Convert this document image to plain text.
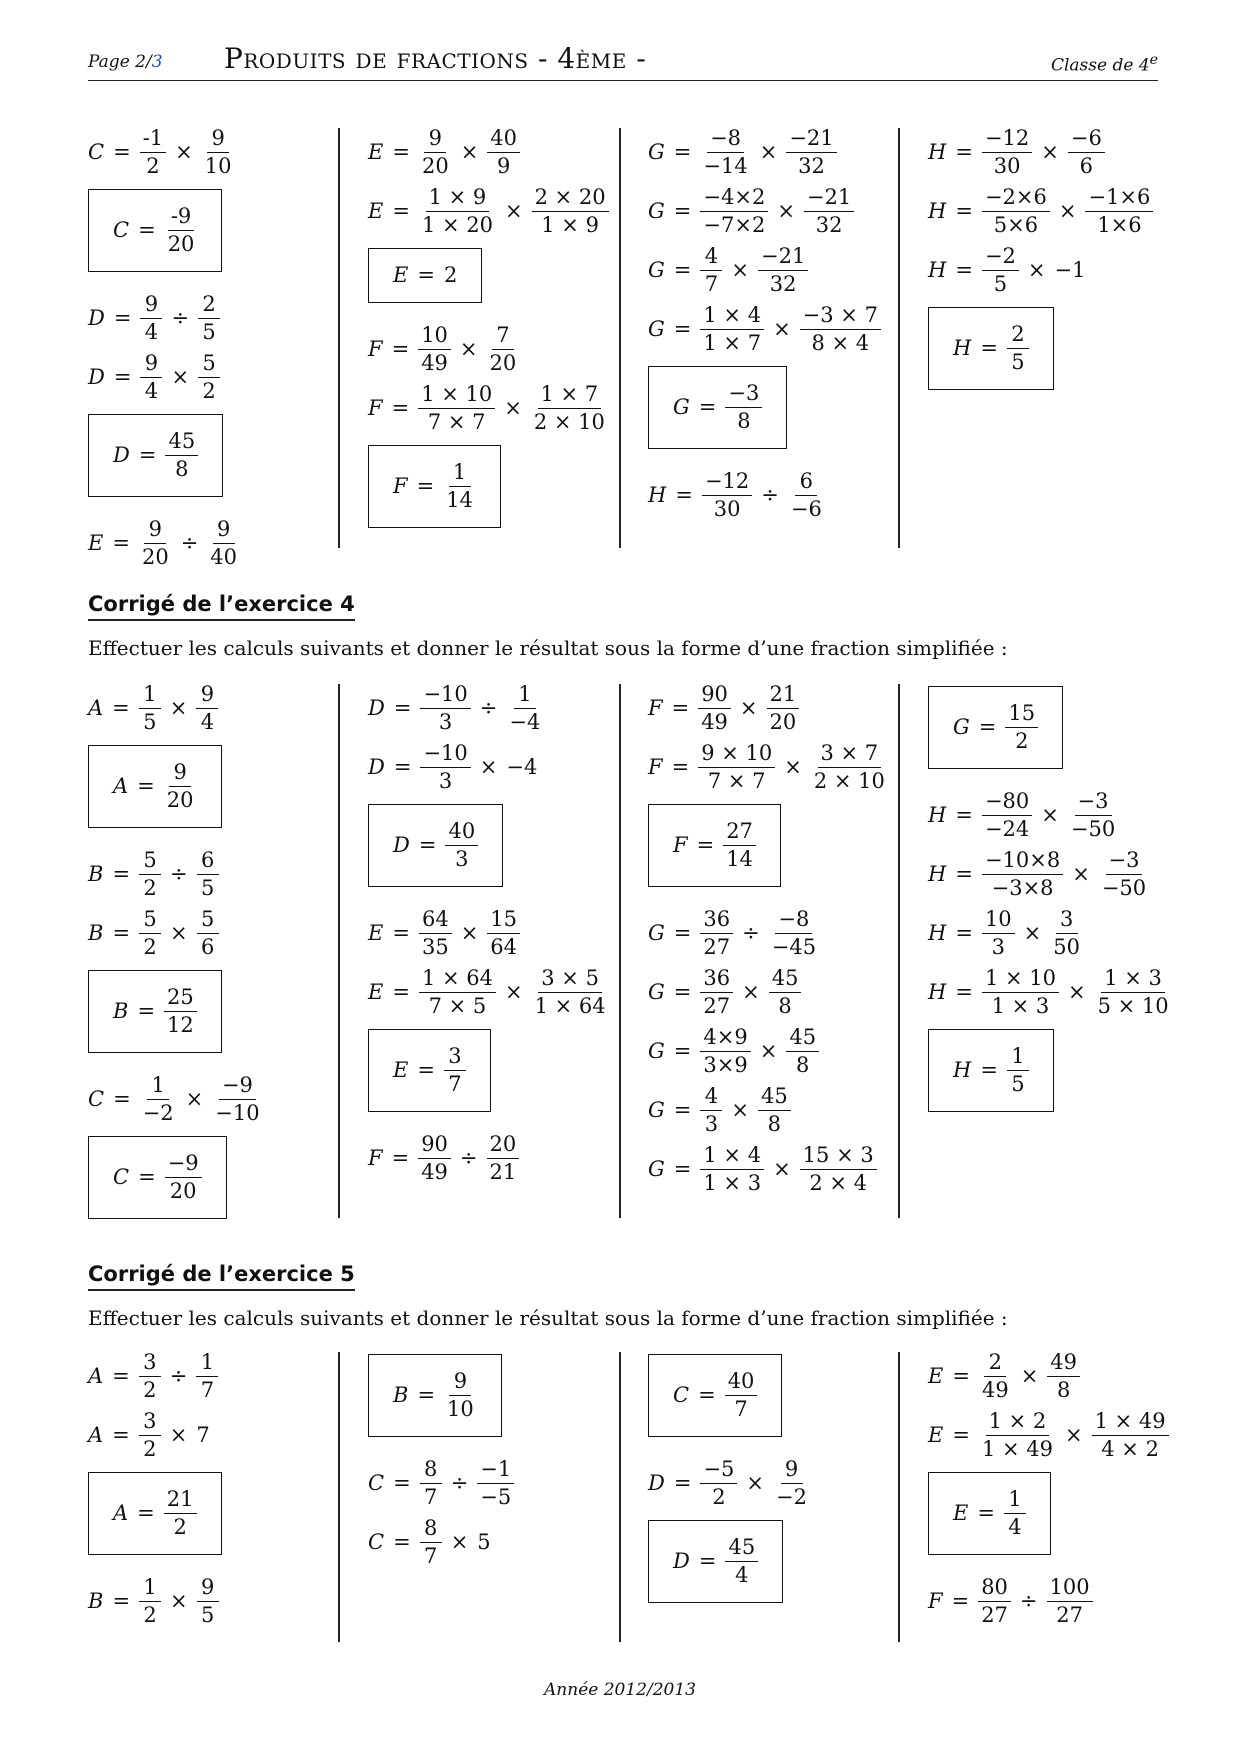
Page 2/3 Produits de fractions - 4ème -	Classe de 4e
$C = \frac{-1}{2} \times \frac{9}{10}$
$C = \frac{-9}{20}$
$D = \frac{9}{4} \div \frac{2}{5}$
$D = \frac{9}{4} \times \frac{5}{2}$
$D = \frac{45}{8}$
$E = \frac{9}{20} \div \frac{9}{40}$
$E = \frac{9}{20} \times \frac{40}{9}$
$E = \frac{1 \times 9}{1 \times 20} \times \frac{2 \times 20}{1 \times 9}$
E = 2
$F = \frac{10}{49} \times \frac{7}{20}$
$F = \frac{1 \times 10}{7 \times 7} \times \frac{1 \times 7}{2 \times 10}$
$F = \frac{1}{14}$
$G = \frac{-8}{-14} \times \frac{-21}{32}$
$G = \frac{-4\times 2}{-7\times 2} \times \frac{-21}{32}$
$G = \frac{4}{7} \times \frac{-21}{32}$
$G = \frac{1 \times 4}{1 \times 7} \times \frac{-3 \times 7}{8 \times 4}$
$G = \frac{-3}{8}$
$H = \frac{-12}{30} \div \frac{6}{-6}$
$H = \frac{-12}{30} \times \frac{-6}{6}$
$H = \frac{-2\times 6}{5\times 6} \times \frac{-1\times 6}{1\times 6}$
$H = \frac{-2}{5} \times -1$
$H = \frac{2}{5}$
Corrigé de l’exercice 4
Effectuer les calculs suivants et donner le résultat sous la forme d’une fraction simplifiée :
$A = \frac{1}{5} \times \frac{9}{4}$
$A = \frac{9}{20}$
$B = \frac{5}{2} \div \frac{6}{5}$
$B = \frac{5}{2} \times \frac{5}{6}$
$B = \frac{25}{12}$
$C = \frac{1}{-2} \times \frac{-9}{-10}$
$C = \frac{-9}{20}$
$D = \frac{-10}{3} \div \frac{1}{-4}$
$D = \frac{-10}{3} \times -4$
$D = \frac{40}{3}$
$E = \frac{64}{35} \times \frac{15}{64}$
$E = \frac{1 \times 64}{7 \times 5} \times \frac{3 \times 5}{1 \times 64}$
$E = \frac{3}{7}$
$F = \frac{90}{49} \div \frac{20}{21}$
$F = \frac{90}{49} \times \frac{21}{20}$
$F = \frac{9 \times 10}{7 \times 7} \times \frac{3 \times 7}{2 \times 10}$
$F = \frac{27}{14}$
$G = \frac{36}{27} \div \frac{-8}{-45}$
$G = \frac{36}{27} \times \frac{45}{8}$
$G = \frac{4\times 9}{3\times 9} \times \frac{45}{8}$
$G = \frac{4}{3} \times \frac{45}{8}$
$G = \frac{1 \times 4}{1 \times 3} \times \frac{15 \times 3}{2 \times 4}$
$G = \frac{15}{2}$
$H = \frac{-80}{-24} \times \frac{-3}{-50}$
$H = \frac{-10\times 8}{-3\times 8} \times \frac{-3}{-50}$
$H = \frac{10}{3} \times \frac{3}{50}$
$H = \frac{1 \times 10}{1 \times 3} \times \frac{1 \times 3}{5 \times 10}$
$H = \frac{1}{5}$
Corrigé de l’exercice 5
Effectuer les calculs suivants et donner le résultat sous la forme d’une fraction simplifiée :
$A = \frac{3}{2} \div \frac{1}{7}$
$A = \frac{3}{2} \times 7$
$A = \frac{21}{2}$
$B = \frac{1}{2} \times \frac{9}{5}$
$B = \frac{9}{10}$
$C = \frac{8}{7} \div \frac{-1}{-5}$
$C = \frac{8}{7} \times 5$
$C = \frac{40}{7}$
$D = \frac{-5}{2} \times \frac{9}{-2}$
$D = \frac{45}{4}$
$E = \frac{2}{49} \times \frac{49}{8}$
$E = \frac{1 \times 2}{1 \times 49} \times \frac{1 \times 49}{4 \times 2}$
$E = \frac{1}{4}$
$F = \frac{80}{27} \div \frac{100}{27}$
Année 2012/2013
